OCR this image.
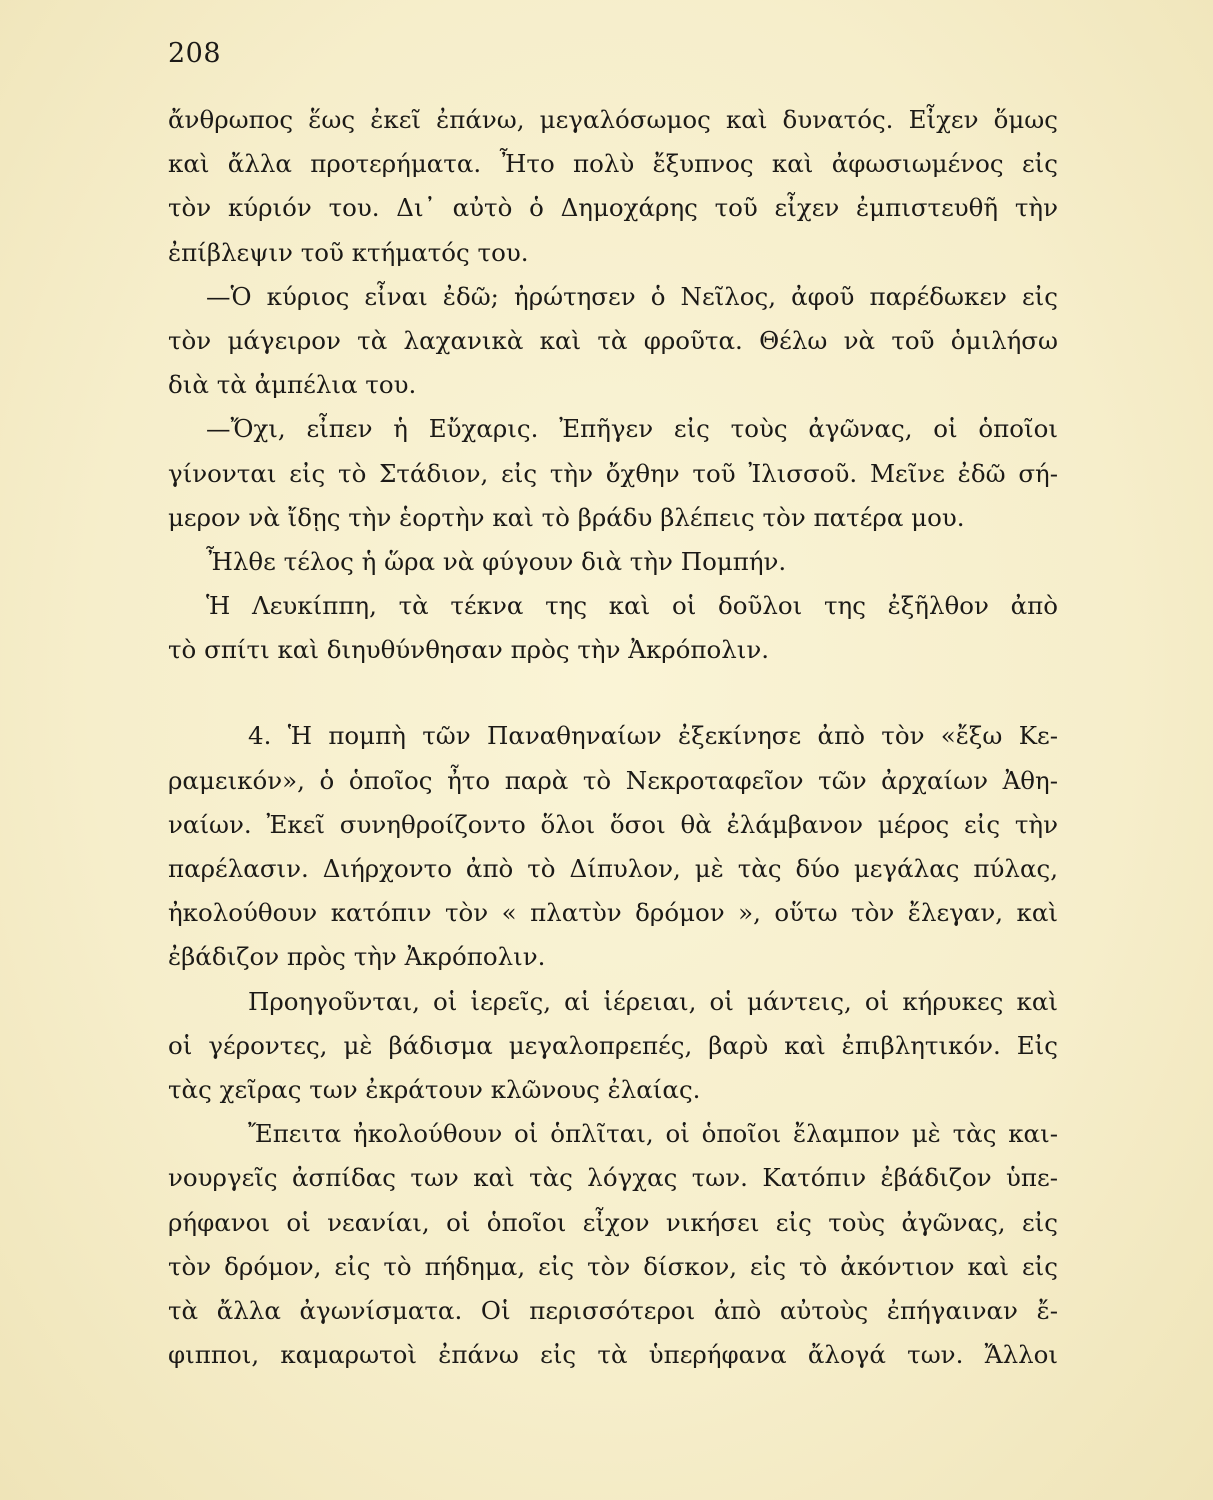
208
ἄνθρωπος ἕως ἐκεῖ ἐπάνω, μεγαλόσωμος καὶ δυνατός. Εἶχεν ὅμως
καὶ ἄλλα προτερήματα. Ἦτο πολὺ ἔξυπνος καὶ ἀφωσιωμένος εἰς
τὸν κύριόν του. Δι᾿ αὐτὸ ὁ Δημοχάρης τοῦ εἶχεν ἐμπιστευθῆ τὴν
ἐπίβλεψιν τοῦ κτήματός του.
—Ὁ κύριος εἶναι ἐδῶ; ἠρώτησεν ὁ Νεῖλος, ἀφοῦ παρέδωκεν εἰς
τὸν μάγειρον τὰ λαχανικὰ καὶ τὰ φροῦτα. Θέλω νὰ τοῦ ὁμιλήσω
διὰ τὰ ἀμπέλια του.
—Ὄχι, εἶπεν ἡ Εὔχαρις. Ἐπῆγεν εἰς τοὺς ἀγῶνας, οἱ ὁποῖοι
γίνονται εἰς τὸ Στάδιον, εἰς τὴν ὄχθην τοῦ Ἰλισσοῦ. Μεῖνε ἐδῶ σή-
μερον νὰ ἴδῃς τὴν ἑορτὴν καὶ τὸ βράδυ βλέπεις τὸν πατέρα μου.
Ἦλθε τέλος ἡ ὥρα νὰ φύγουν διὰ τὴν Πομπήν.
Ἡ Λευκίππη, τὰ τέκνα της καὶ οἱ δοῦλοι της ἐξῆλθον ἀπὸ
τὸ σπίτι καὶ διηυθύνθησαν πρὸς τὴν Ἀκρόπολιν.
4. Ἡ πομπὴ τῶν Παναθηναίων ἐξεκίνησε ἀπὸ τὸν «ἔξω Κε-
ραμεικόν», ὁ ὁποῖος ἦτο παρὰ τὸ Νεκροταφεῖον τῶν ἀρχαίων Ἀθη-
ναίων. Ἐκεῖ συνηθροίζοντο ὅλοι ὅσοι θὰ ἐλάμβανον μέρος εἰς τὴν
παρέλασιν. Διήρχοντο ἀπὸ τὸ Δίπυλον, μὲ τὰς δύο μεγάλας πύλας,
ἠκολούθουν κατόπιν τὸν « πλατὺν δρόμον », οὕτω τὸν ἔλεγαν, καὶ
ἐβάδιζον πρὸς τὴν Ἀκρόπολιν.
Προηγοῦνται, οἱ ἱερεῖς, αἱ ἱέρειαι, οἱ μάντεις, οἱ κήρυκες καὶ
οἱ γέροντες, μὲ βάδισμα μεγαλοπρεπές, βαρὺ καὶ ἐπιβλητικόν. Εἰς
τὰς χεῖρας των ἐκράτουν κλῶνους ἐλαίας.
Ἔπειτα ἠκολούθουν οἱ ὁπλῖται, οἱ ὁποῖοι ἔλαμπον μὲ τὰς και-
νουργεῖς ἀσπίδας των καὶ τὰς λόγχας των. Κατόπιν ἐβάδιζον ὑπε-
ρήφανοι οἱ νεανίαι, οἱ ὁποῖοι εἶχον νικήσει εἰς τοὺς ἀγῶνας, εἰς
τὸν δρόμον, εἰς τὸ πήδημα, εἰς τὸν δίσκον, εἰς τὸ ἀκόντιον καὶ εἰς
τὰ ἄλλα ἀγωνίσματα. Οἱ περισσότεροι ἀπὸ αὐτοὺς ἐπήγαιναν ἔ-
φιπποι, καμαρωτοὶ ἐπάνω εἰς τὰ ὑπερήφανα ἄλογά των. Ἄλλοι
